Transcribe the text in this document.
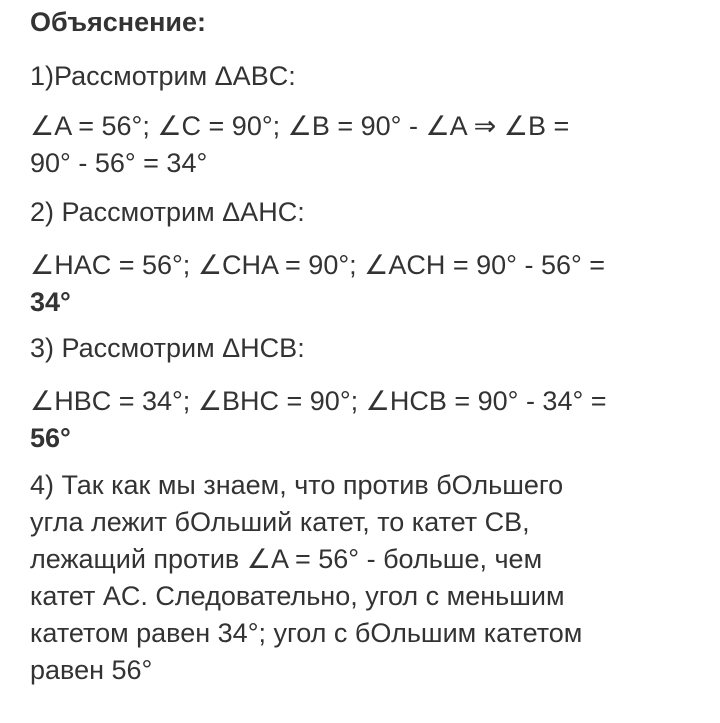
Объяснение:
1)Рассмотрим ΔABC:
∠A = 56°; ∠C = 90°; ∠B = 90° - ∠A ⇒ ∠B =
90° - 56° = 34°
2) Рассмотрим ΔAHC:
∠HAC = 56°; ∠CHA = 90°; ∠ACH = 90° - 56° =
34°
3) Рассмотрим ΔHCB:
∠HBC = 34°; ∠BHC = 90°; ∠HCB = 90° - 34° =
56°
4) Так как мы знаем, что против бОльшего
угла лежит бОльший катет, то катет CB,
лежащий против ∠A = 56° - больше, чем
катет AC. Следовательно, угол с меньшим
катетом равен 34°; угол с бОльшим катетом
равен 56°
